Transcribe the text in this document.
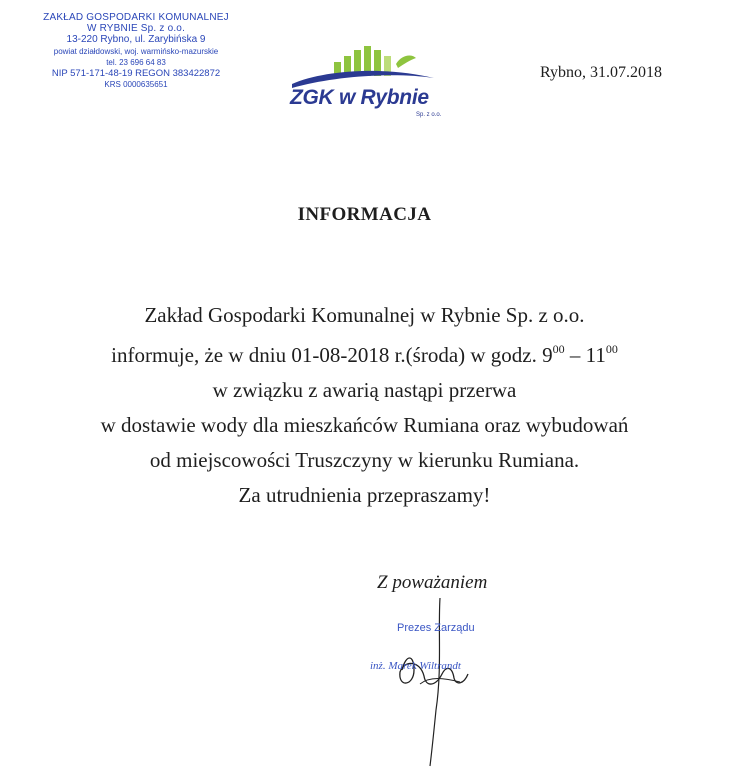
ZAKŁAD GOSPODARKI KOMUNALNEJ
W RYBNIE Sp. z o.o.
13-220 Rybno, ul. Zarybińska 9
powiat działdowski, woj. warmińsko-mazurskie
tel. 23 696 64 83
NIP 571-171-48-19 REGON 383422872
KRS 0000635651
ZGK w Rybnie
Sp. z o.o.
Rybno, 31.07.2018
INFORMACJA
Zakład Gospodarki Komunalnej w Rybnie Sp. z o.o.
informuje, że w dniu 01-08-2018 r.(środa) w godz. $9^{00} - 11^{00}$
w związku z awarią nastąpi przerwa
w dostawie wody dla mieszkańców Rumiana oraz wybudowań
od miejscowości Truszczyny w kierunku Rumiana.
Za utrudnienia przepraszamy!
Z poważaniem
Prezes Zarządu
inż. Marek Wiltrandt
